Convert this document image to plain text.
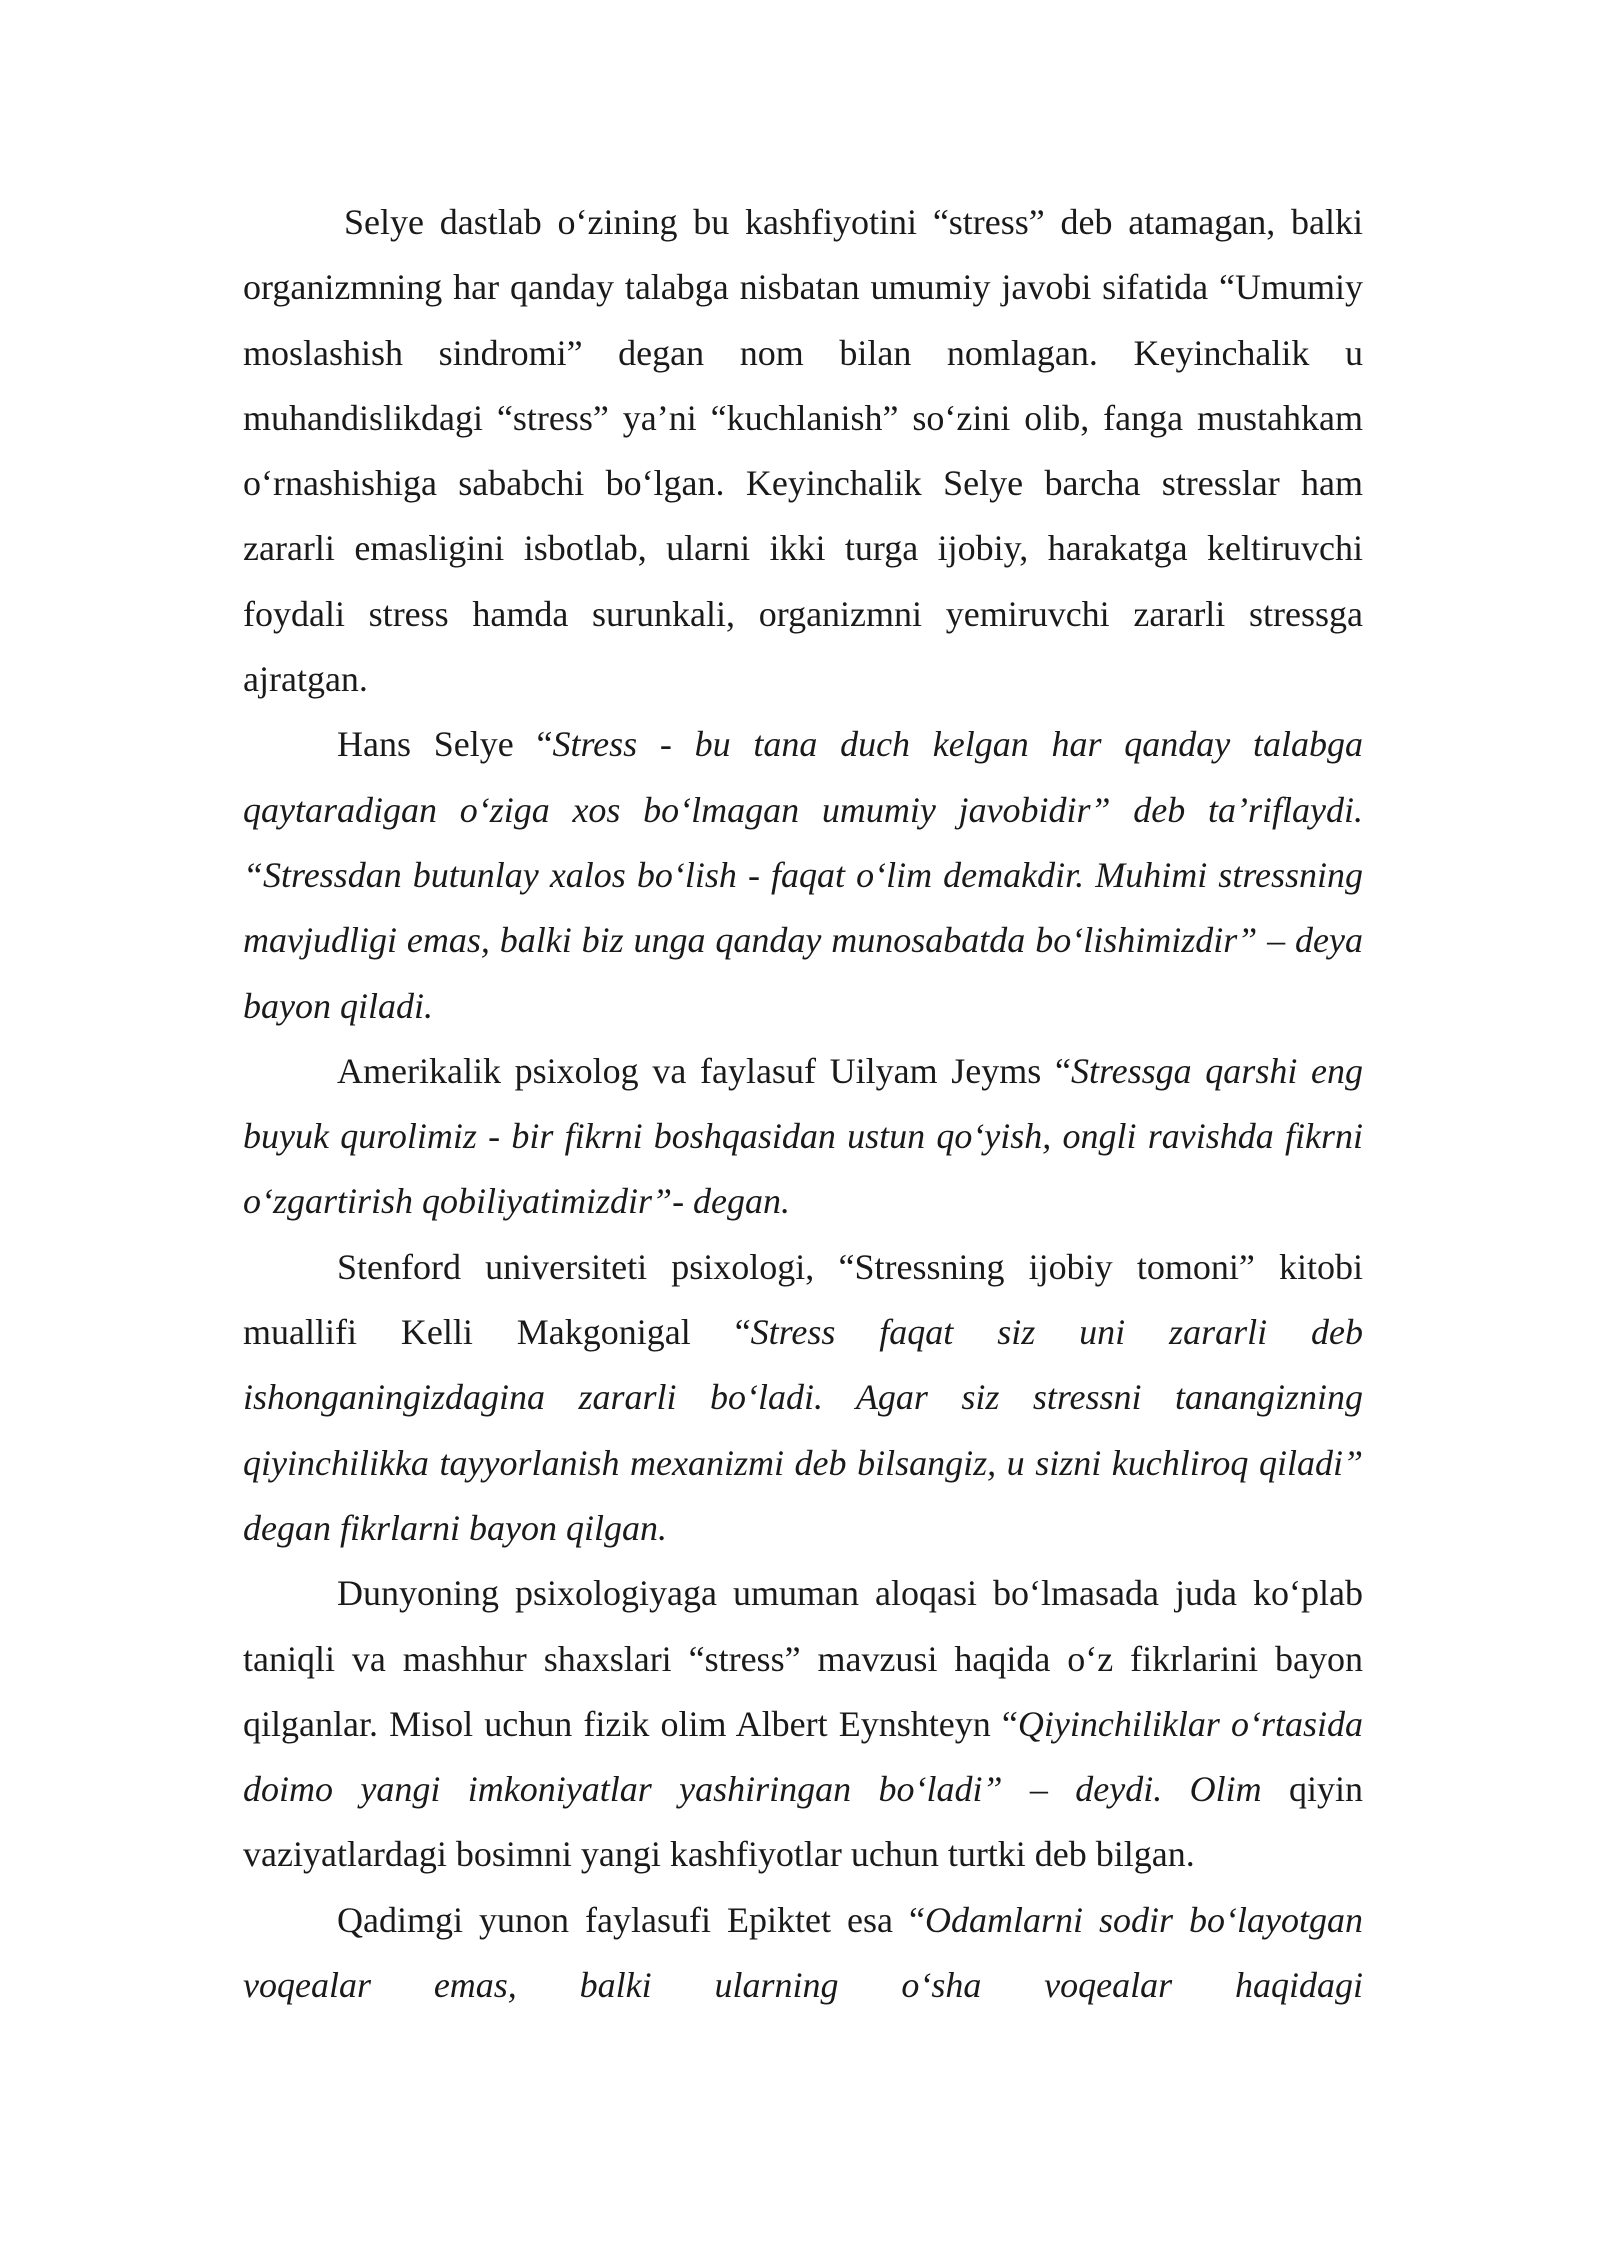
Selye dastlab o‘zining bu kashfiyotini “stress” deb atamagan, balki organizmning har qanday talabga nisbatan umumiy javobi sifatida “Umumiy moslashish sindromi” degan nom bilan nomlagan. Keyinchalik u muhandislikdagi “stress” ya’ni “kuchlanish” so‘zini olib, fanga mustahkam o‘rnashishiga sababchi bo‘lgan. Keyinchalik Selye barcha stresslar ham zararli emasligini isbotlab, ularni ikki turga ijobiy, harakatga keltiruvchi foydali stress hamda surunkali, organizmni yemiruvchi zararli stressga ajratgan.

Hans Selye “Stress - bu tana duch kelgan har qanday talabga qaytaradigan o‘ziga xos bo‘lmagan umumiy javobidir” deb ta’riflaydi. “Stressdan butunlay xalos bo‘lish - faqat o‘lim demakdir. Muhimi stressning mavjudligi emas, balki biz unga qanday munosabatda bo‘lishimizdir” – deya bayon qiladi.

Amerikalik psixolog va faylasuf Uilyam Jeyms “Stressga qarshi eng buyuk qurolimiz - bir fikrni boshqasidan ustun qo‘yish, ongli ravishda fikrni o‘zgartirish qobiliyatimizdir”- degan.

Stenford universiteti psixologi, “Stressning ijobiy tomoni” kitobi muallifi Kelli Makgonigal “Stress faqat siz uni zararli deb ishonganingizdagina zararli bo‘ladi. Agar siz stressni tanangizning qiyinchilikka tayyorlanish mexanizmi deb bilsangiz, u sizni kuchliroq qiladi” degan fikrlarni bayon qilgan.

Dunyoning psixologiyaga umuman aloqasi bo‘lmasada juda ko‘plab taniqli va mashhur shaxslari “stress” mavzusi haqida o‘z fikrlarini bayon qilganlar. Misol uchun fizik olim Albert Eynshteyn “Qiyinchiliklar o‘rtasida doimo yangi imkoniyatlar yashiringan bo‘ladi” – deydi. Olim qiyin vaziyatlardagi bosimni yangi kashfiyotlar uchun turtki deb bilgan.

Qadimgi yunon faylasufi Epiktet esa “Odamlarni sodir bo‘layotgan voqealar emas, balki ularning o‘sha voqealar haqidagi
